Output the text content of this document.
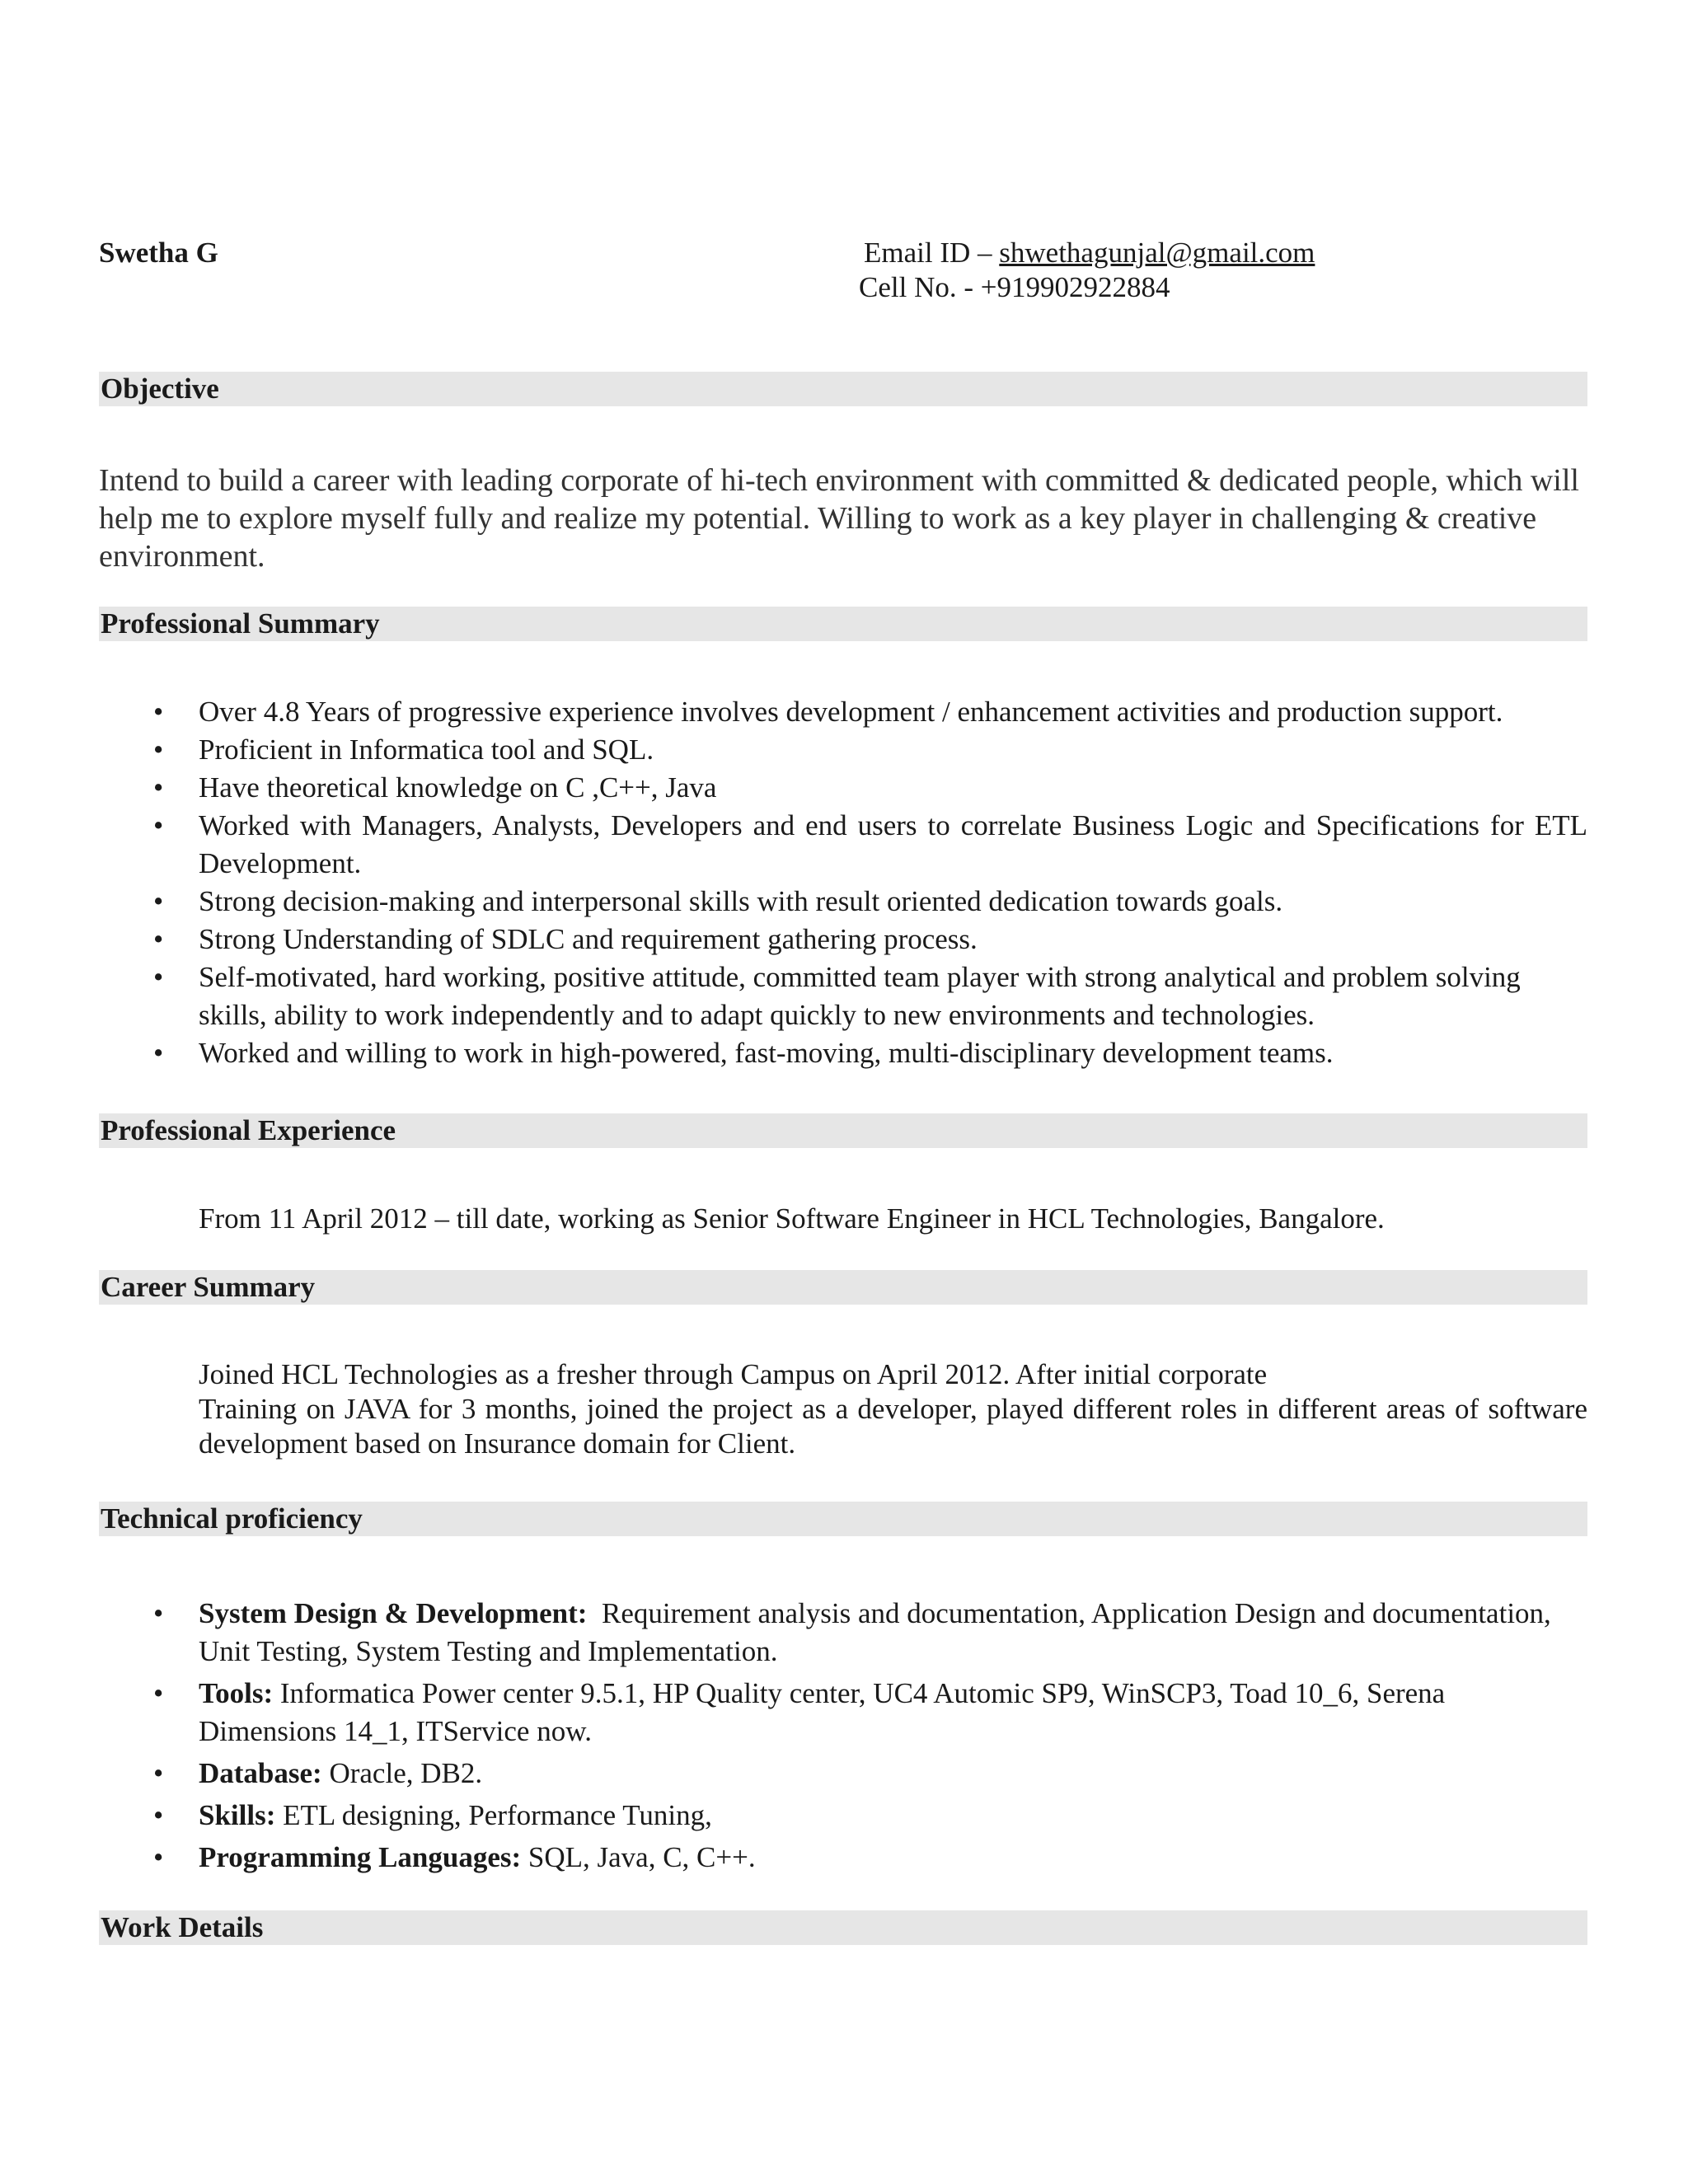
Swetha G	Email ID – shwethagunjal@gmail.com
Cell No. - +919902922884
Objective
Intend to build a career with leading corporate of hi-tech environment with committed & dedicated people, which will help me to explore myself fully and realize my potential. Willing to work as a key player in challenging & creative environment.
Professional Summary
• Over 4.8 Years of progressive experience involves development / enhancement activities and production support.
• Proficient in Informatica tool and SQL.
• Have theoretical knowledge on C ,C++, Java
• Worked with Managers, Analysts, Developers and end users to correlate Business Logic and Specifications for ETL Development.
• Strong decision-making and interpersonal skills with result oriented dedication towards goals.
• Strong Understanding of SDLC and requirement gathering process.
• Self-motivated, hard working, positive attitude, committed team player with strong analytical and problem solving skills, ability to work independently and to adapt quickly to new environments and technologies.
• Worked and willing to work in high-powered, fast-moving, multi-disciplinary development teams.
Professional Experience
From 11 April 2012 – till date, working as Senior Software Engineer in HCL Technologies, Bangalore.
Career Summary
Joined HCL Technologies as a fresher through Campus on April 2012. After initial corporate
Training on JAVA for 3 months, joined the project as a developer, played different roles in different areas of software development based on Insurance domain for Client.
Technical proficiency
• System Design & Development:  Requirement analysis and documentation, Application Design and documentation, Unit Testing, System Testing and Implementation.
• Tools: Informatica Power center 9.5.1, HP Quality center, UC4 Automic SP9, WinSCP3, Toad 10_6, Serena Dimensions 14_1, ITService now.
• Database: Oracle, DB2.
• Skills: ETL designing, Performance Tuning,
• Programming Languages: SQL, Java, C, C++.
Work Details
